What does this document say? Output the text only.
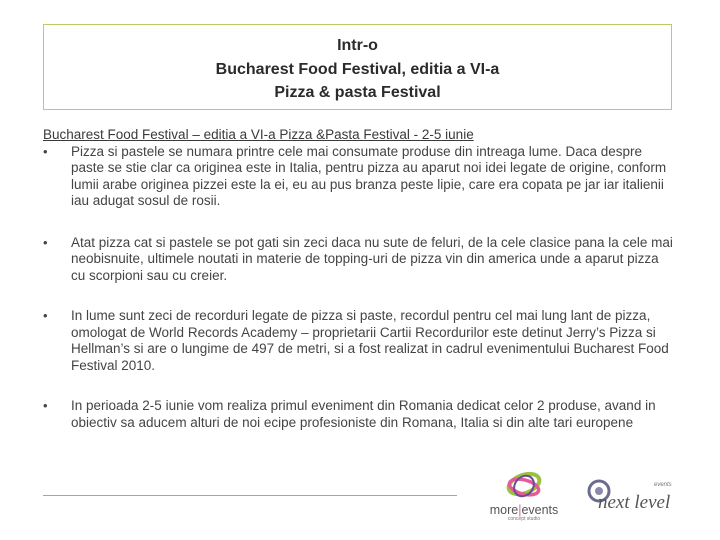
Intr-o
Bucharest Food Festival, editia a VI-a
Pizza & pasta Festival
Bucharest Food Festival – editia a VI-a Pizza &Pasta Festival - 2-5 iunie
•	Pizza si pastele se numara printre cele mai consumate produse din intreaga lume. Daca despre paste se stie clar ca originea este in Italia, pentru pizza au aparut noi idei legate de origine, conform lumii arabe originea pizzei este la ei, eu au pus branza peste lipie, care era copata pe jar iar italienii iau adugat sosul de rosii.
•	Atat pizza cat si pastele se pot gati sin zeci daca nu sute de feluri, de la cele clasice pana la cele mai neobisnuite, ultimele noutati in materie de topping-uri de pizza vin din america unde a aparut pizza cu scorpioni sau cu creier.
•	In lume sunt zeci de recorduri legate de pizza si paste, recordul pentru cel mai lung lant de pizza, omologat de World Records Academy – proprietarii Cartii Recordurilor este detinut Jerry’s Pizza si Hellman’s si are o lungime de 497 de metri, si a fost realizat in cadrul evenimentului Bucharest Food Festival 2010.
•	In perioada 2-5 iunie vom realiza primul eveniment din Romania dedicat celor 2 produse, avand in obiectiv sa aducem alturi de noi ecipe profesioniste din Romana, Italia si din alte tari europene
more|events
concept studio
events
next level
